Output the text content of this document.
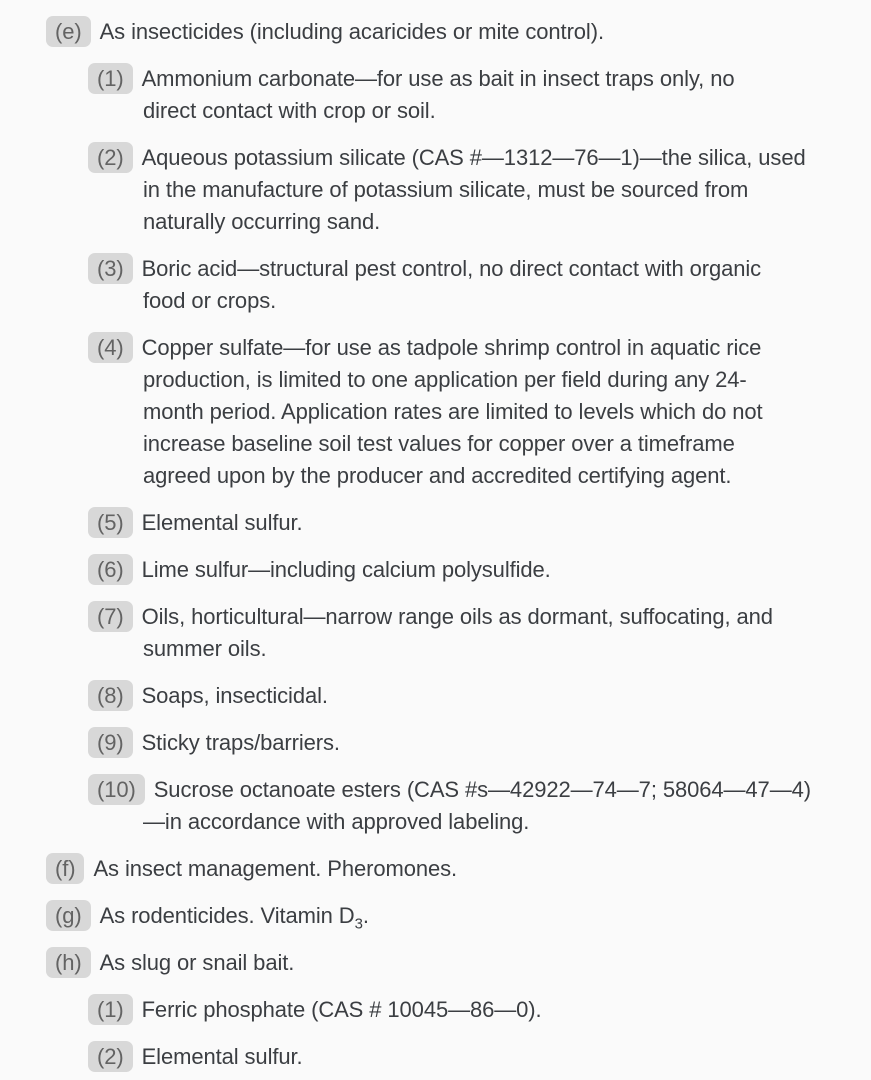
(e) As insecticides (including acaricides or mite control).
(1) Ammonium carbonate—for use as bait in insect traps only, no
direct contact with crop or soil.
(2) Aqueous potassium silicate (CAS #—1312—76—1)—the silica, used
in the manufacture of potassium silicate, must be sourced from
naturally occurring sand.
(3) Boric acid—structural pest control, no direct contact with organic
food or crops.
(4) Copper sulfate—for use as tadpole shrimp control in aquatic rice
production, is limited to one application per field during any 24-
month period. Application rates are limited to levels which do not
increase baseline soil test values for copper over a timeframe
agreed upon by the producer and accredited certifying agent.
(5) Elemental sulfur.
(6) Lime sulfur—including calcium polysulfide.
(7) Oils, horticultural—narrow range oils as dormant, suffocating, and
summer oils.
(8) Soaps, insecticidal.
(9) Sticky traps/barriers.
(10) Sucrose octanoate esters (CAS #s—42922—74—7; 58064—47—4)
—in accordance with approved labeling.
(f) As insect management. Pheromones.
(g) As rodenticides. Vitamin $D_3$.
(h) As slug or snail bait.
(1) Ferric phosphate (CAS # 10045—86—0).
(2) Elemental sulfur.
